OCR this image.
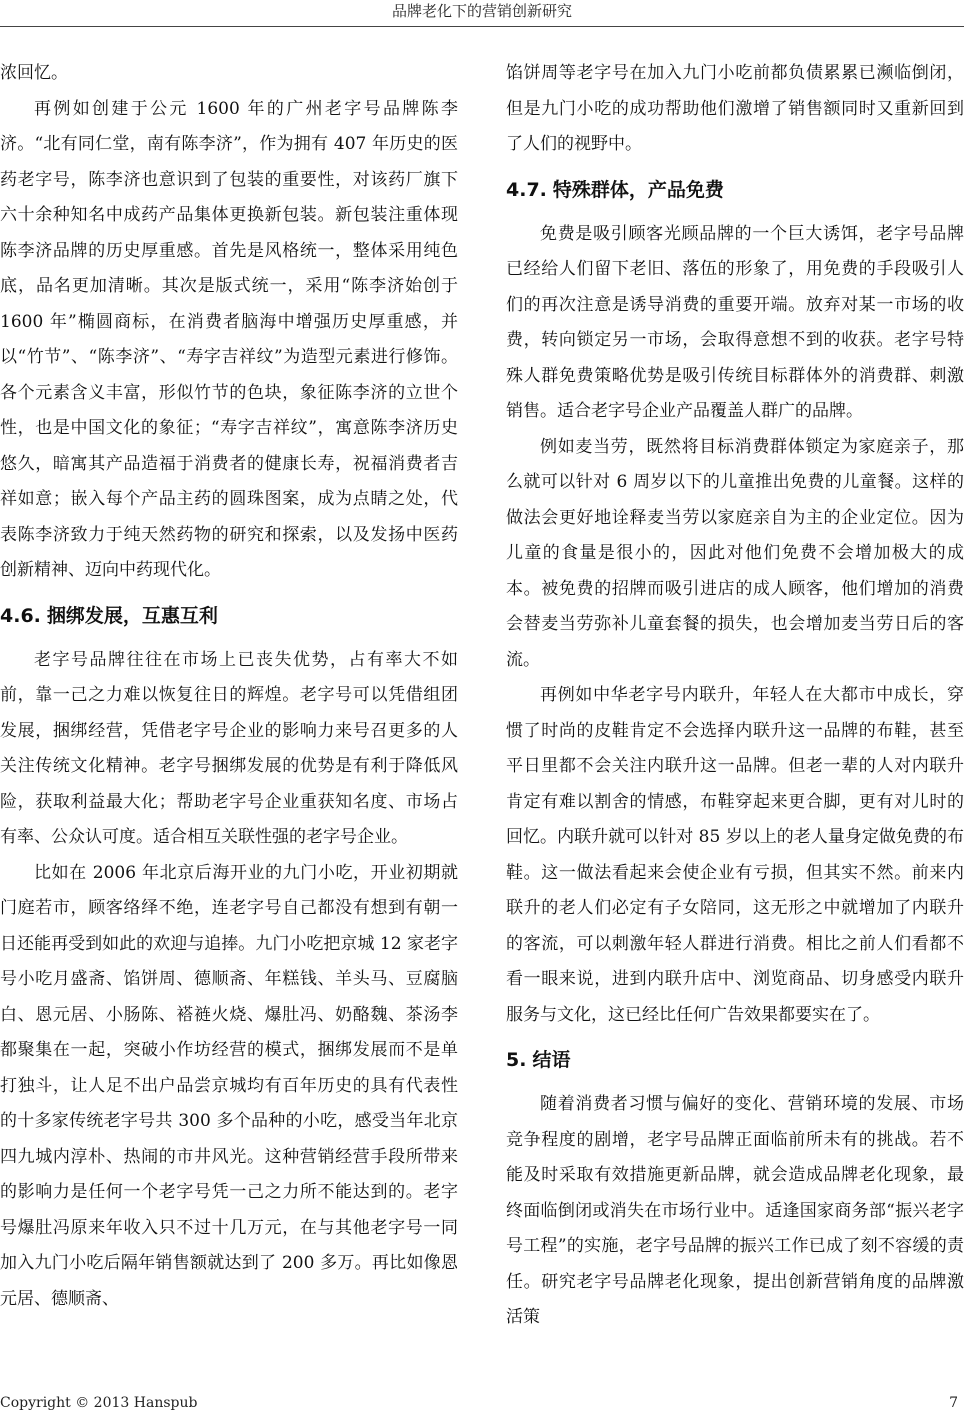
品牌老化下的营销创新研究

浓回忆。

再例如创建于公元 1600 年的广州老字号品牌陈李济。“北有同仁堂，南有陈李济”，作为拥有 407 年历史的医药老字号，陈李济也意识到了包装的重要性，对该药厂旗下六十余种知名中成药产品集体更换新包装。新包装注重体现陈李济品牌的历史厚重感。首先是风格统一，整体采用纯色底，品名更加清晰。其次是版式统一，采用“陈李济始创于 1600 年”椭圆商标，在消费者脑海中增强历史厚重感，并以“竹节”、“陈李济”、“寿字吉祥纹”为造型元素进行修饰。各个元素含义丰富，形似竹节的色块，象征陈李济的立世个性，也是中国文化的象征；“寿字吉祥纹”，寓意陈李济历史悠久，暗寓其产品造福于消费者的健康长寿，祝福消费者吉祥如意；嵌入每个产品主药的圆珠图案，成为点睛之处，代表陈李济致力于纯天然药物的研究和探索，以及发扬中医药创新精神、迈向中药现代化。

4.6. 捆绑发展，互惠互利

老字号品牌往往在市场上已丧失优势，占有率大不如前，靠一己之力难以恢复往日的辉煌。老字号可以凭借组团发展，捆绑经营，凭借老字号企业的影响力来号召更多的人关注传统文化精神。老字号捆绑发展的优势是有利于降低风险，获取利益最大化；帮助老字号企业重获知名度、市场占有率、公众认可度。适合相互关联性强的老字号企业。

比如在 2006 年北京后海开业的九门小吃，开业初期就门庭若市，顾客络绎不绝，连老字号自己都没有想到有朝一日还能再受到如此的欢迎与追捧。九门小吃把京城 12 家老字号小吃月盛斋、馅饼周、德顺斋、年糕钱、羊头马、豆腐脑白、恩元居、小肠陈、褡裢火烧、爆肚冯、奶酪魏、茶汤李都聚集在一起，突破小作坊经营的模式，捆绑发展而不是单打独斗，让人足不出户品尝京城均有百年历史的具有代表性的十多家传统老字号共 300 多个品种的小吃，感受当年北京四九城内淳朴、热闹的市井风光。这种营销经营手段所带来的影响力是任何一个老字号凭一己之力所不能达到的。老字号爆肚冯原来年收入只不过十几万元，在与其他老字号一同加入九门小吃后隔年销售额就达到了 200 多万。再比如像恩元居、德顺斋、

馅饼周等老字号在加入九门小吃前都负债累累已濒临倒闭，但是九门小吃的成功帮助他们激增了销售额同时又重新回到了人们的视野中。

4.7. 特殊群体，产品免费

免费是吸引顾客光顾品牌的一个巨大诱饵，老字号品牌已经给人们留下老旧、落伍的形象了，用免费的手段吸引人们的再次注意是诱导消费的重要开端。放弃对某一市场的收费，转向锁定另一市场，会取得意想不到的收获。老字号特殊人群免费策略优势是吸引传统目标群体外的消费群、刺激销售。适合老字号企业产品覆盖人群广的品牌。

例如麦当劳，既然将目标消费群体锁定为家庭亲子，那么就可以针对 6 周岁以下的儿童推出免费的儿童餐。这样的做法会更好地诠释麦当劳以家庭亲自为主的企业定位。因为儿童的食量是很小的，因此对他们免费不会增加极大的成本。被免费的招牌而吸引进店的成人顾客，他们增加的消费会替麦当劳弥补儿童套餐的损失，也会增加麦当劳日后的客流。

再例如中华老字号内联升，年轻人在大都市中成长，穿惯了时尚的皮鞋肯定不会选择内联升这一品牌的布鞋，甚至平日里都不会关注内联升这一品牌。但老一辈的人对内联升肯定有难以割舍的情感，布鞋穿起来更合脚，更有对儿时的回忆。内联升就可以针对 85 岁以上的老人量身定做免费的布鞋。这一做法看起来会使企业有亏损，但其实不然。前来内联升的老人们必定有子女陪同，这无形之中就增加了内联升的客流，可以刺激年轻人群进行消费。相比之前人们看都不看一眼来说，进到内联升店中、浏览商品、切身感受内联升服务与文化，这已经比任何广告效果都要实在了。

5. 结语

随着消费者习惯与偏好的变化、营销环境的发展、市场竞争程度的剧增，老字号品牌正面临前所未有的挑战。若不能及时采取有效措施更新品牌，就会造成品牌老化现象，最终面临倒闭或消失在市场行业中。适逢国家商务部“振兴老字号工程”的实施，老字号品牌的振兴工作已成了刻不容缓的责任。研究老字号品牌老化现象，提出创新营销角度的品牌激活策

Copyright © 2013 Hanspub	7
